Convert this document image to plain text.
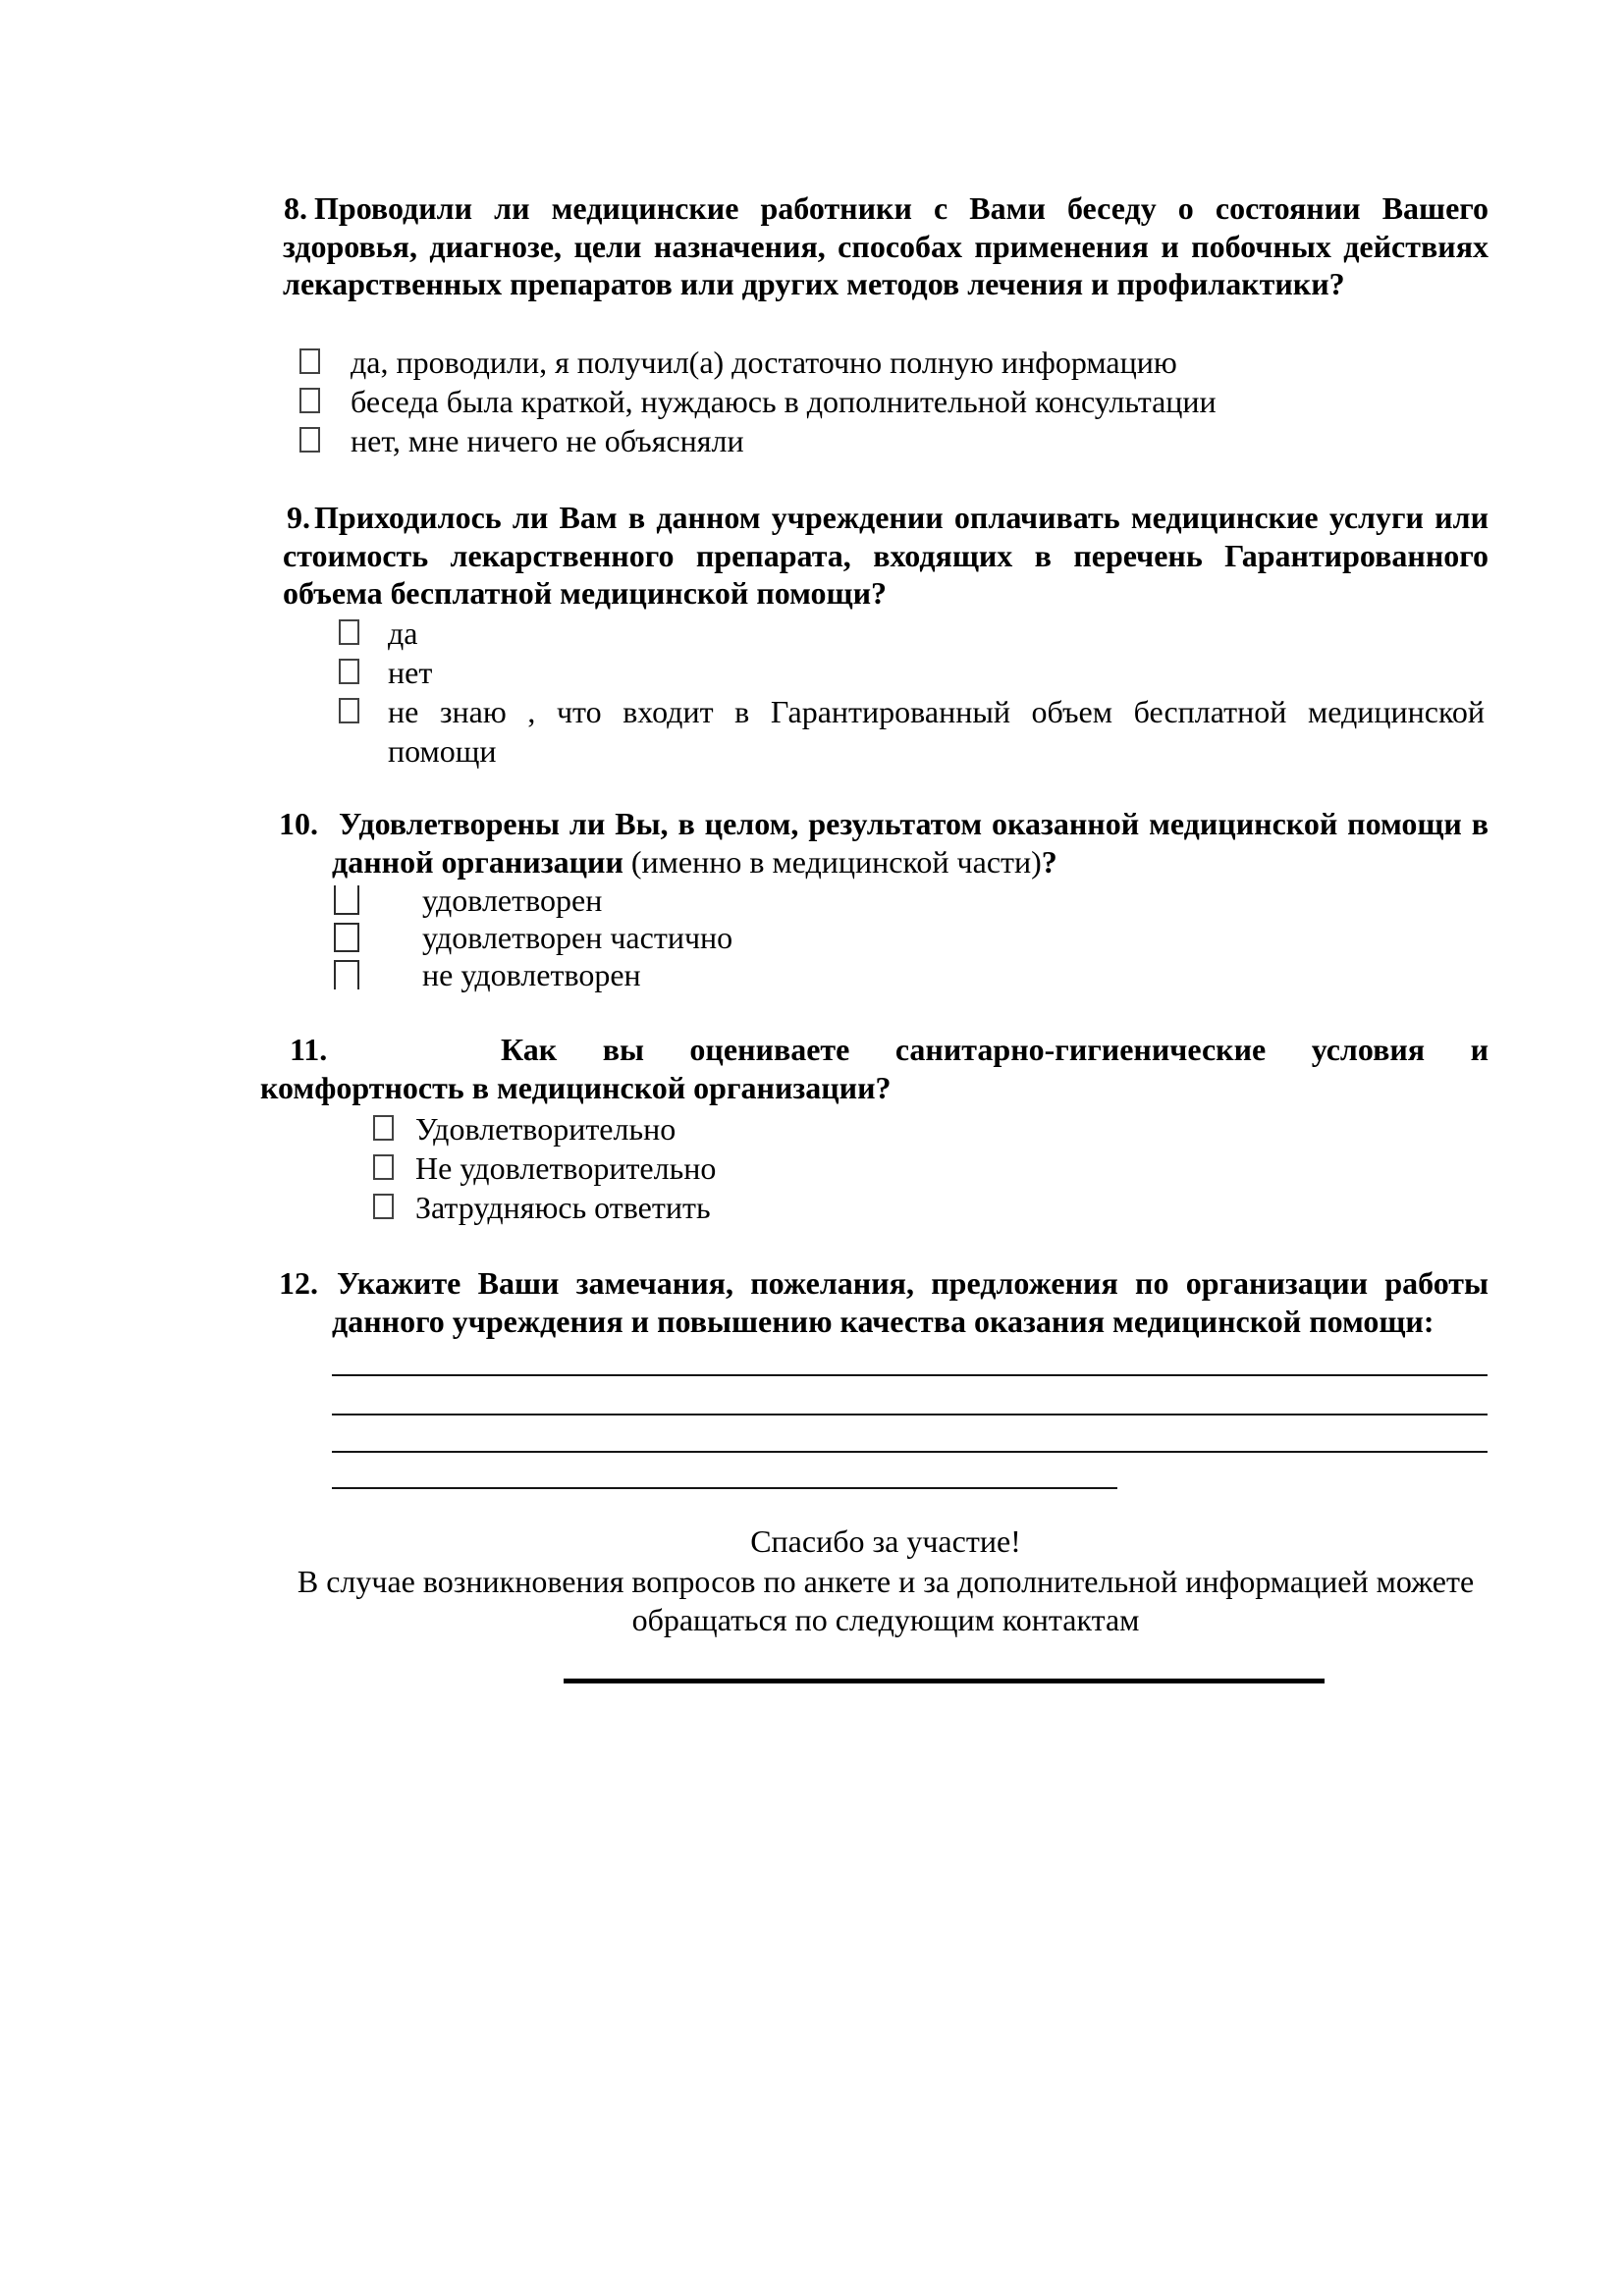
8. Проводили ли медицинские работники с Вами беседу о состоянии Вашего здоровья, диагнозе, цели назначения, способах применения и побочных действиях лекарственных препаратов или других методов лечения и профилактики?
да, проводили, я получил(а) достаточно полную информацию
беседа была краткой, нуждаюсь в дополнительной консультации
нет, мне ничего не объясняли
9. Приходилось ли Вам в данном учреждении оплачивать медицинские услуги или стоимость лекарственного препарата, входящих в перечень Гарантированного объема бесплатной медицинской помощи?
да
нет
не знаю , что входит в Гарантированный объем бесплатной медицинской
помощи
10. Удовлетворены ли Вы, в целом, результатом оказанной медицинской помощи в данной организации (именно в медицинской части)?
удовлетворен
удовлетворен частично
не удовлетворен
11.	Как вы оцениваете санитарно-гигиенические условия и комфортность в медицинской организации?
Удовлетворительно
Не удовлетворительно
Затрудняюсь ответить
12. Укажите Ваши замечания, пожелания, предложения по организации работы данного учреждения и повышению качества оказания медицинской помощи:
Спасибо за участие!
В случае возникновения вопросов по анкете и за дополнительной информацией можете обращаться по следующим контактам
